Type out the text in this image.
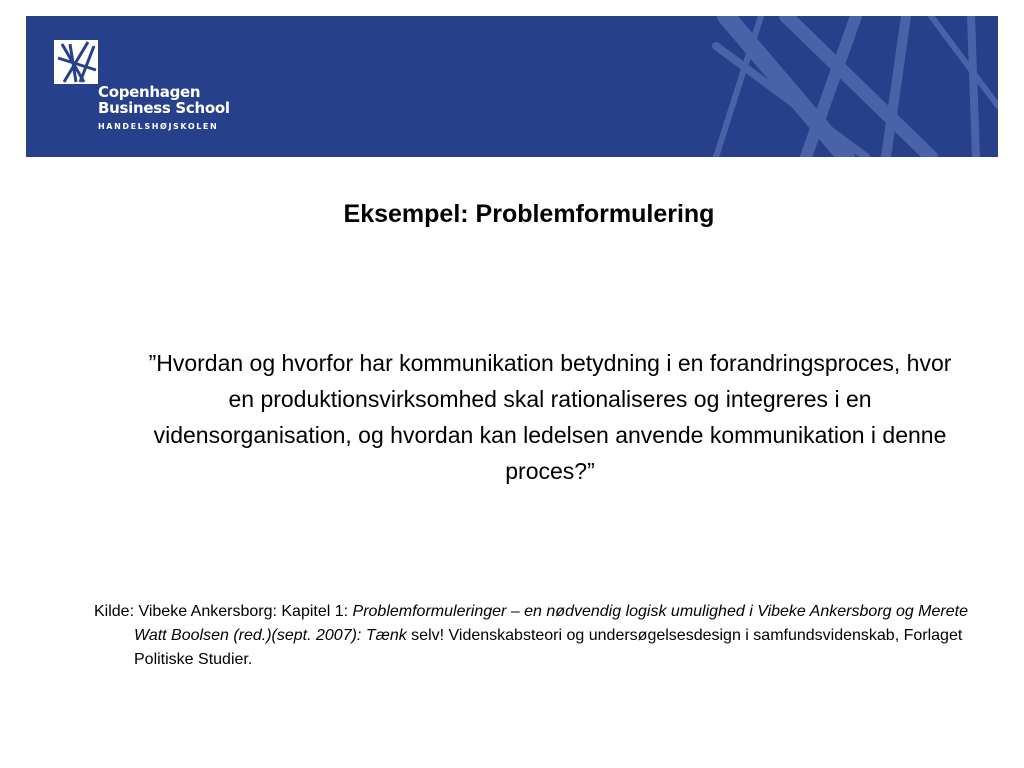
Copenhagen
Business School
HANDELSHØJSKOLEN
Eksempel: Problemformulering
”Hvordan og hvorfor har kommunikation betydning i en forandringsproces, hvor en produktionsvirksomhed skal rationaliseres og integreres i en vidensorganisation, og hvordan kan ledelsen anvende kommunikation i denne proces?”
Kilde: Vibeke Ankersborg: Kapitel 1: Problemformuleringer – en nødvendig logisk umulighed i Vibeke Ankersborg og Merete Watt Boolsen (red.)(sept. 2007): Tænk selv! Videnskabsteori og undersøgelsesdesign i samfundsvidenskab, Forlaget Politiske Studier.
